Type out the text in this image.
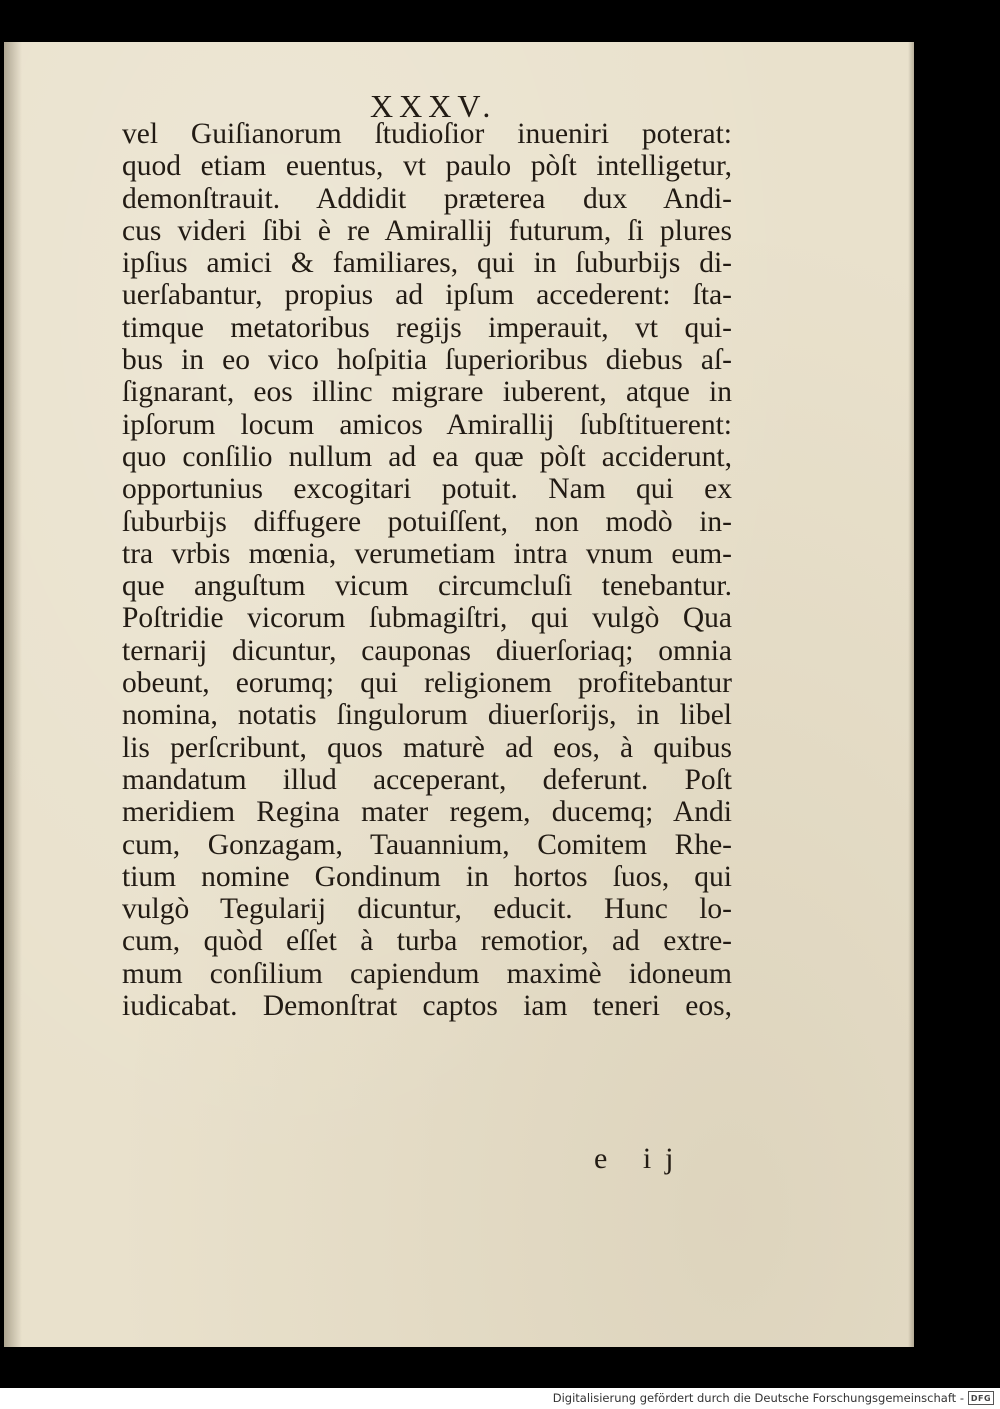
XXXV.
vel Guiſianorum ſtudioſior inueniri poterat:
quod etiam euentus, vt paulo pòſt intelligetur,
demonſtrauit. Addidit præterea dux Andi-
cus videri ſibi è re Amirallij futurum, ſi plures
ipſius amici & familiares, qui in ſuburbijs di-
uerſabantur, propius ad ipſum accederent: ſta-
timque metatoribus regijs imperauit, vt qui-
bus in eo vico hoſpitia ſuperioribus diebus aſ-
ſignarant, eos illinc migrare iuberent, atque in
ipſorum locum amicos Amirallij ſubſtituerent:
quo conſilio nullum ad ea quæ pòſt acciderunt,
opportunius excogitari potuit. Nam qui ex
ſuburbijs diffugere potuiſſent, non modò in-
tra vrbis mœnia, verumetiam intra vnum eum-
que anguſtum vicum circumcluſi tenebantur.
Poſtridie vicorum ſubmagiſtri, qui vulgò Qua
ternarij dicuntur, cauponas diuerſoriaq; omnia
obeunt, eorumq; qui religionem profitebantur
nomina, notatis ſingulorum diuerſorijs, in libel
lis perſcribunt, quos maturè ad eos, à quibus
mandatum illud acceperant, deferunt. Poſt
meridiem Regina mater regem, ducemq; Andi
cum, Gonzagam, Tauannium, Comitem Rhe-
tium nomine Gondinum in hortos ſuos, qui
vulgò Tegularij dicuntur, educit. Hunc lo-
cum, quòd eſſet à turba remotior, ad extre-
mum conſilium capiendum maximè idoneum
iudicabat. Demonſtrat captos iam teneri eos,
e ij
Digitalisierung gefördert durch die Deutsche Forschungsgemeinschaft - DFG
